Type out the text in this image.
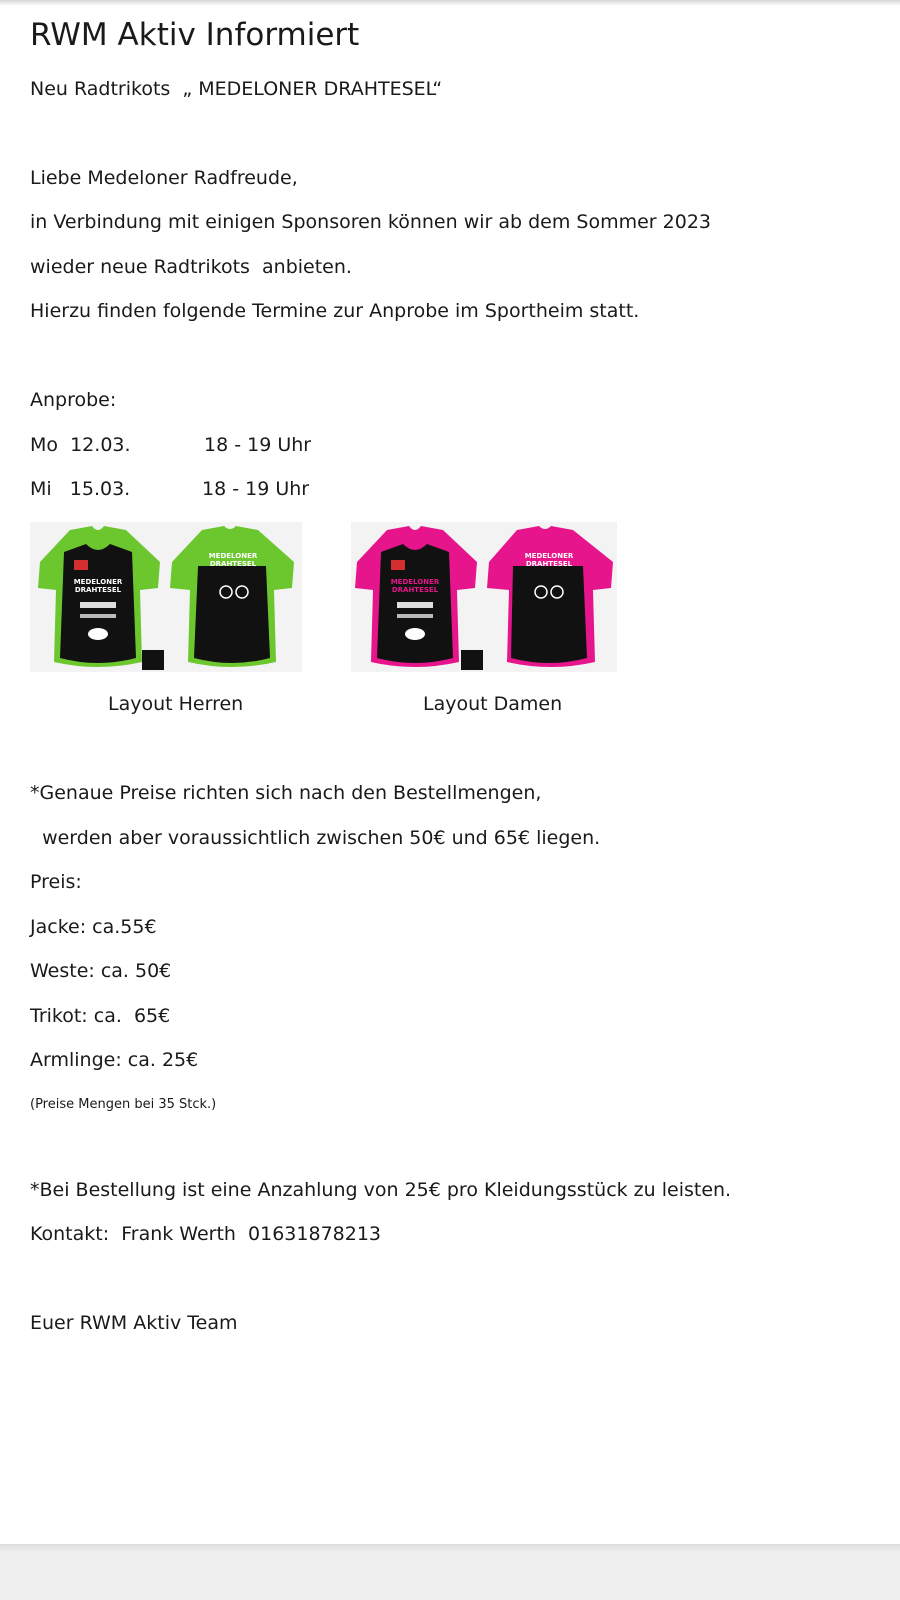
RWM Aktiv Informiert
Neu Radtrikots  „ MEDELONER DRAHTESEL“
Liebe Medeloner Radfreude,
in Verbindung mit einigen Sponsoren können wir ab dem Sommer 2023
wieder neue Radtrikots  anbieten.
Hierzu finden folgende Termine zur Anprobe im Sportheim statt.
Anprobe:
Mo  12.03.	18 - 19 Uhr
Mi   15.03.	18 - 19 Uhr
MEDELONER
DRAHTESEL
MEDELONER
DRAHTESEL
Layout Herren
MEDELONER
DRAHTESEL
MEDELONER
DRAHTESEL
Layout Damen
*Genaue Preise richten sich nach den Bestellmengen,
werden aber voraussichtlich zwischen 50€ und 65€ liegen.
Preis:
Jacke: ca.55€
Weste: ca. 50€
Trikot: ca.  65€
Armlinge: ca. 25€
(Preise Mengen bei 35 Stck.)
*Bei Bestellung ist eine Anzahlung von 25€ pro Kleidungsstück zu leisten.
Kontakt:  Frank Werth  01631878213
Euer RWM Aktiv Team
